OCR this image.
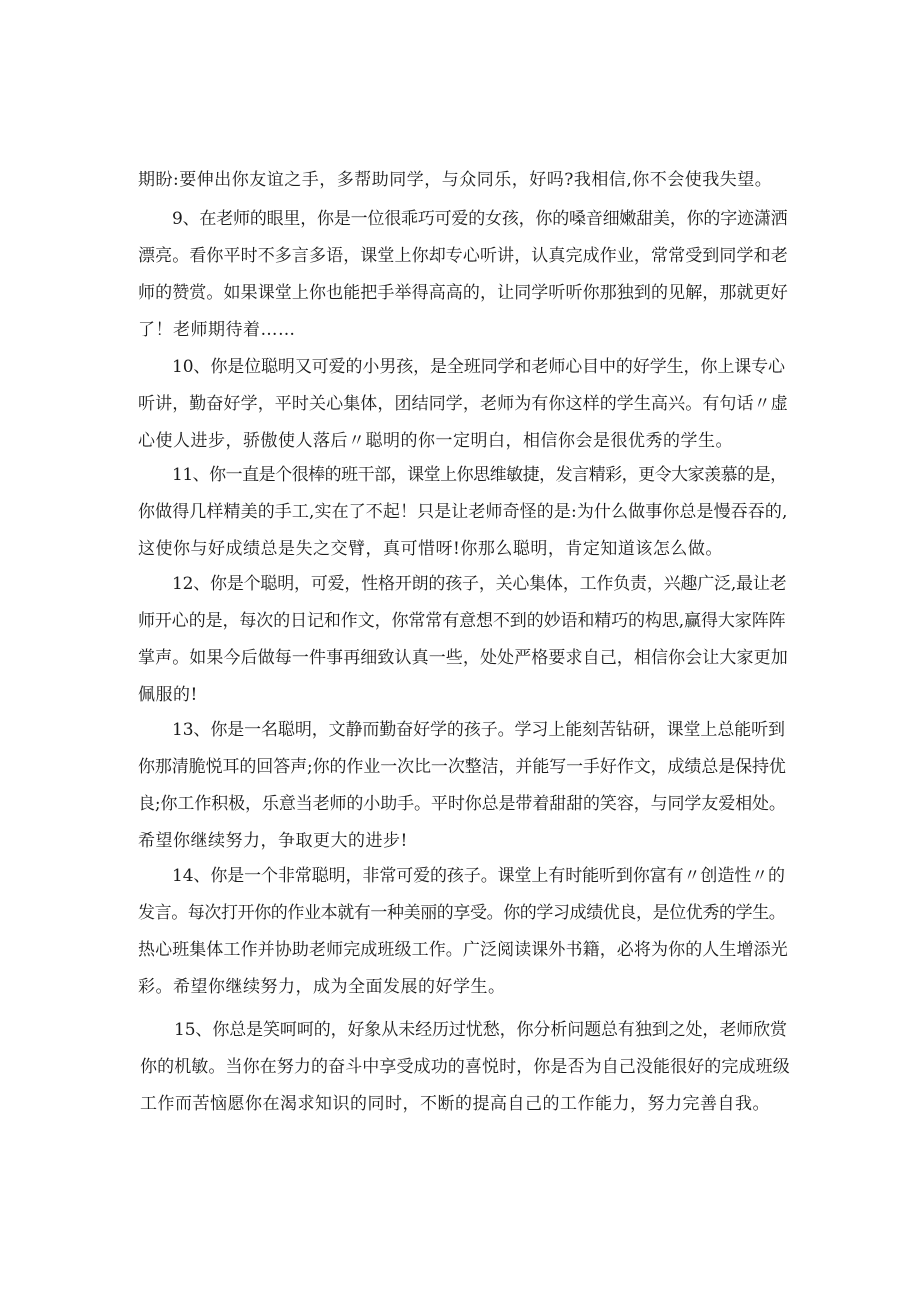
期盼:要伸出你友谊之手，多帮助同学，与众同乐，好吗?我相信,你不会使我失望。

9、在老师的眼里，你是一位很乖巧可爱的女孩，你的嗓音细嫩甜美，你的字迹潇洒
漂亮。看你平时不多言多语，课堂上你却专心听讲，认真完成作业，常常受到同学和老
师的赞赏。如果课堂上你也能把手举得高高的，让同学听听你那独到的见解，那就更好
了！老师期待着……

10、你是位聪明又可爱的小男孩，是全班同学和老师心目中的好学生，你上课专心
听讲，勤奋好学，平时关心集体，团结同学，老师为有你这样的学生高兴。有句话〃虚
心使人进步，骄傲使人落后〃聪明的你一定明白，相信你会是很优秀的学生。

11、你一直是个很棒的班干部，课堂上你思维敏捷，发言精彩，更令大家羡慕的是，
你做得几样精美的手工,实在了不起！只是让老师奇怪的是:为什么做事你总是慢吞吞的,
这使你与好成绩总是失之交臂，真可惜呀!你那么聪明，肯定知道该怎么做。

12、你是个聪明，可爱，性格开朗的孩子，关心集体，工作负责，兴趣广泛,最让老
师开心的是，每次的日记和作文，你常常有意想不到的妙语和精巧的构思,赢得大家阵阵
掌声。如果今后做每一件事再细致认真一些，处处严格要求自己，相信你会让大家更加
佩服的!

13、你是一名聪明，文静而勤奋好学的孩子。学习上能刻苦钻研，课堂上总能听到
你那清脆悦耳的回答声;你的作业一次比一次整洁，并能写一手好作文，成绩总是保持优
良;你工作积极，乐意当老师的小助手。平时你总是带着甜甜的笑容，与同学友爱相处。
希望你继续努力，争取更大的进步!

14、你是一个非常聪明，非常可爱的孩子。课堂上有时能听到你富有〃创造性〃的
发言。每次打开你的作业本就有一种美丽的享受。你的学习成绩优良，是位优秀的学生。
热心班集体工作并协助老师完成班级工作。广泛阅读课外书籍，必将为你的人生增添光
彩。希望你继续努力，成为全面发展的好学生。

15、你总是笑呵呵的，好象从未经历过忧愁，你分析问题总有独到之处，老师欣赏
你的机敏。当你在努力的奋斗中享受成功的喜悦时，你是否为自己没能很好的完成班级
工作而苦恼愿你在渴求知识的同时，不断的提高自己的工作能力，努力完善自我。
